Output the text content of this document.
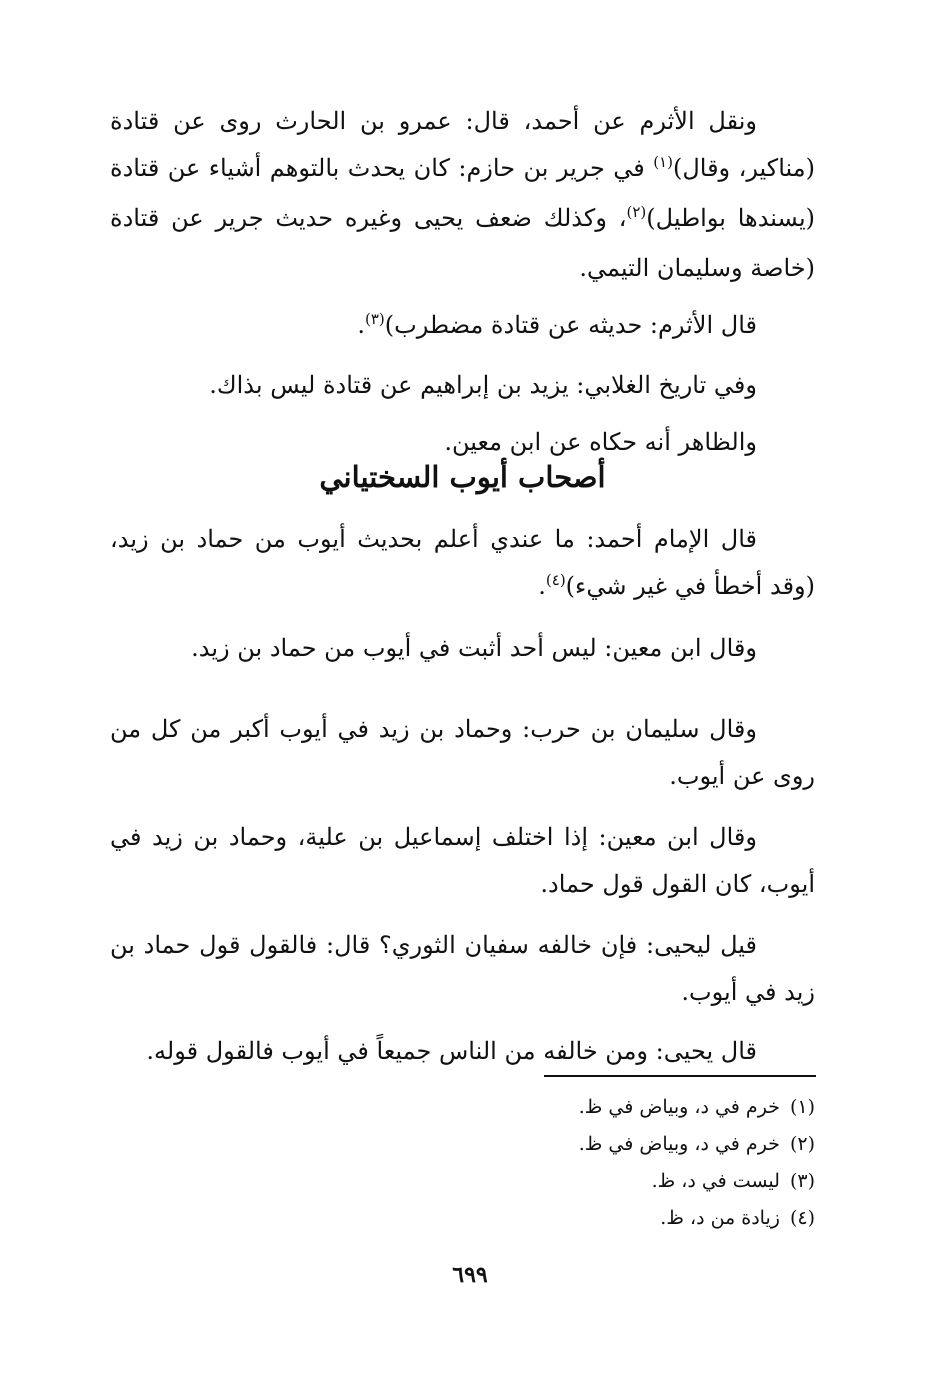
ونقل الأثرم عن أحمد، قال: عمرو بن الحارث روى عن قتادة (مناكير، وقال)$^{(١)}$ في جرير بن حازم: كان يحدث بالتوهم أشياء عن قتادة (يسندها بواطيل)$^{(٢)}$، وكذلك ضعف يحيى وغيره حديث جرير عن قتادة (خاصة وسليمان التيمي.

قال الأثرم: حديثه عن قتادة مضطرب)$^{(٣)}$.

وفي تاريخ الغلابي: يزيد بن إبراهيم عن قتادة ليس بذاك.

والظاهر أنه حكاه عن ابن معين.

أصحاب أيوب السختياني

قال الإمام أحمد: ما عندي أعلم بحديث أيوب من حماد بن زيد، (وقد أخطأ في غير شيء)$^{(٤)}$.

وقال ابن معين: ليس أحد أثبت في أيوب من حماد بن زيد.

وقال سليمان بن حرب: وحماد بن زيد في أيوب أكبر من كل من روى عن أيوب.

وقال ابن معين: إذا اختلف إسماعيل بن علية، وحماد بن زيد في أيوب، كان القول قول حماد.

قيل ليحيى: فإن خالفه سفيان الثوري؟ قال: فالقول قول حماد بن زيد في أيوب.

قال يحيى: ومن خالفه من الناس جميعاً في أيوب فالقول قوله.

(١)خرم في د، وبياض في ظ.
(٢)خرم في د، وبياض في ظ.
(٣)ليست في د، ظ.
(٤)زيادة من د، ظ.
٦٩٩
